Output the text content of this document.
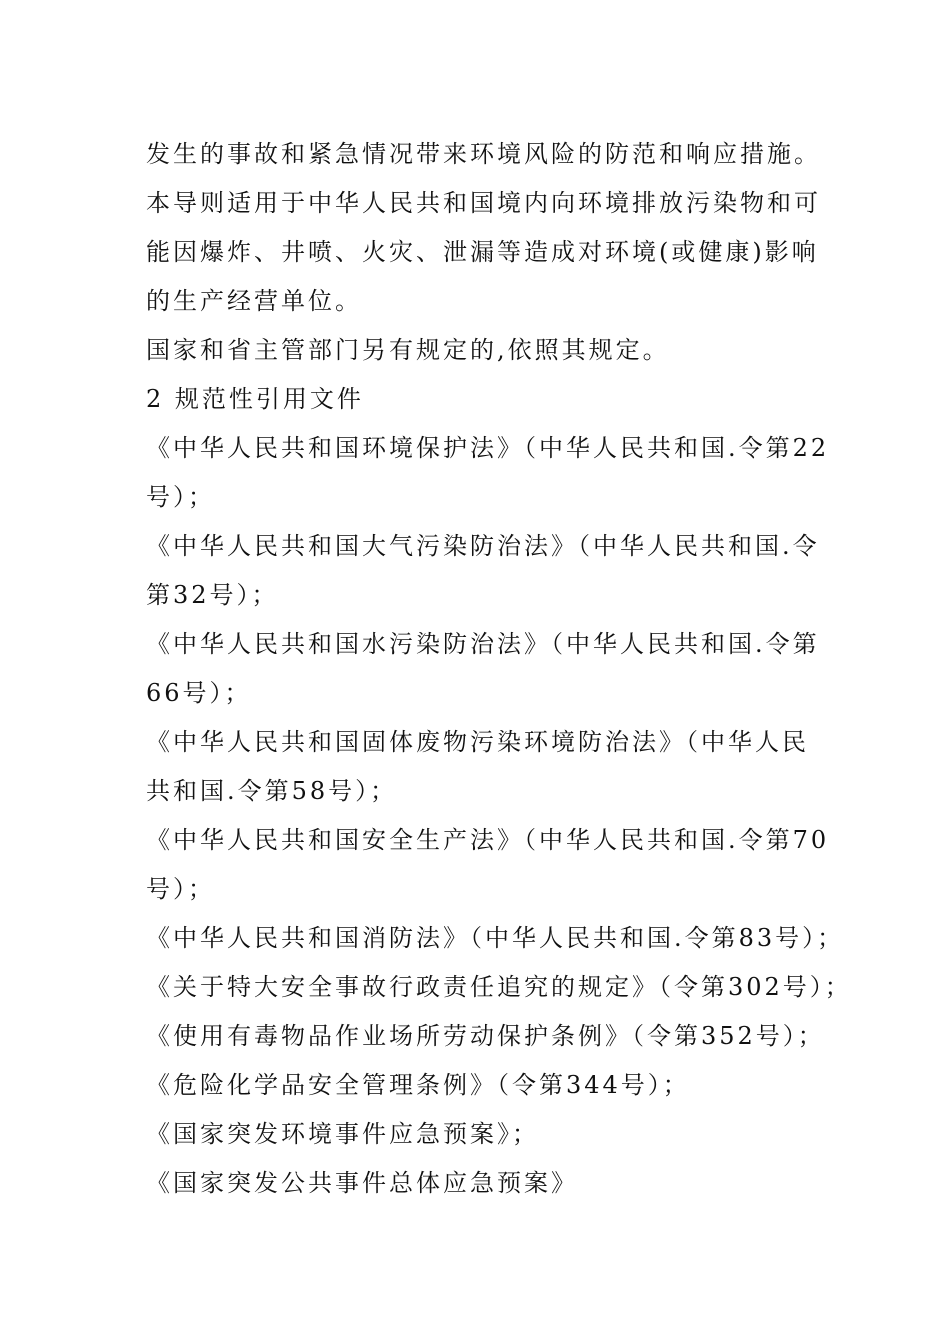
发生的事故和紧急情况带来环境风险的防范和响应措施。
本导则适用于中华人民共和国境内向环境排放污染物和可
能因爆炸、井喷、火灾、泄漏等造成对环境(或健康)影响
的生产经营单位。
国家和省主管部门另有规定的,依照其规定。
2 规范性引用文件
《中华人民共和国环境保护法》（中华人民共和国.令第22
号）；
《中华人民共和国大气污染防治法》（中华人民共和国.令
第32号）；
《中华人民共和国水污染防治法》（中华人民共和国.令第
66号）；
《中华人民共和国固体废物污染环境防治法》（中华人民
共和国.令第58号）；
《中华人民共和国安全生产法》（中华人民共和国.令第70
号）；
《中华人民共和国消防法》（中华人民共和国.令第83号）；
《关于特大安全事故行政责任追究的规定》（令第302号）；
《使用有毒物品作业场所劳动保护条例》（令第352号）；
《危险化学品安全管理条例》（令第344号）；
《国家突发环境事件应急预案》；
《国家突发公共事件总体应急预案》
